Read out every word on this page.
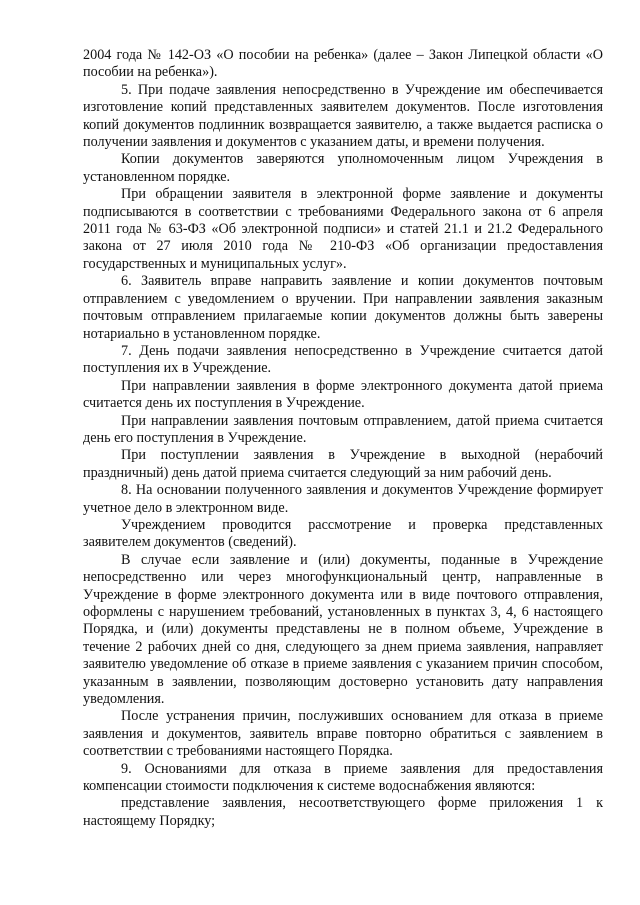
2004 года № 142-ОЗ «О пособии на ребенка» (далее – Закон Липецкой области «О пособии на ребенка»).

5. При подаче заявления непосредственно в Учреждение им обеспечивается изготовление копий представленных заявителем документов. После изготовления копий документов подлинник возвращается заявителю, а также выдается расписка о получении заявления и документов с указанием даты, и времени получения.

Копии документов заверяются уполномоченным лицом Учреждения в установленном порядке.

При обращении заявителя в электронной форме заявление и документы подписываются в соответствии с требованиями Федерального закона от 6 апреля 2011 года № 63-ФЗ «Об электронной подписи» и статей 21.1 и 21.2 Федерального закона от 27 июля 2010 года № 210-ФЗ «Об организации предоставления государственных и муниципальных услуг».

6. Заявитель вправе направить заявление и копии документов почтовым отправлением с уведомлением о вручении. При направлении заявления заказным почтовым отправлением прилагаемые копии документов должны быть заверены нотариально в установленном порядке.

7. День подачи заявления непосредственно в Учреждение считается датой поступления их в Учреждение.

При направлении заявления в форме электронного документа датой приема считается день их поступления в Учреждение.

При направлении заявления почтовым отправлением, датой приема считается день его поступления в Учреждение.

При поступлении заявления в Учреждение в выходной (нерабочий праздничный) день датой приема считается следующий за ним рабочий день.

8. На основании полученного заявления и документов Учреждение формирует учетное дело в электронном виде.

Учреждением проводится рассмотрение и проверка представленных заявителем документов (сведений).

В случае если заявление и (или) документы, поданные в Учреждение непосредственно или через многофункциональный центр, направленные в Учреждение в форме электронного документа или в виде почтового отправления, оформлены с нарушением требований, установленных в пунктах 3, 4, 6 настоящего Порядка, и (или) документы представлены не в полном объеме, Учреждение в течение 2 рабочих дней со дня, следующего за днем приема заявления, направляет заявителю уведомление об отказе в приеме заявления с указанием причин способом, указанным в заявлении, позволяющим достоверно установить дату направления уведомления.

После устранения причин, послуживших основанием для отказа в приеме заявления и документов, заявитель вправе повторно обратиться с заявлением в соответствии с требованиями настоящего Порядка.

9. Основаниями для отказа в приеме заявления для предоставления компенсации стоимости подключения к системе водоснабжения являются:

представление заявления, несоответствующего форме приложения 1 к настоящему Порядку;
